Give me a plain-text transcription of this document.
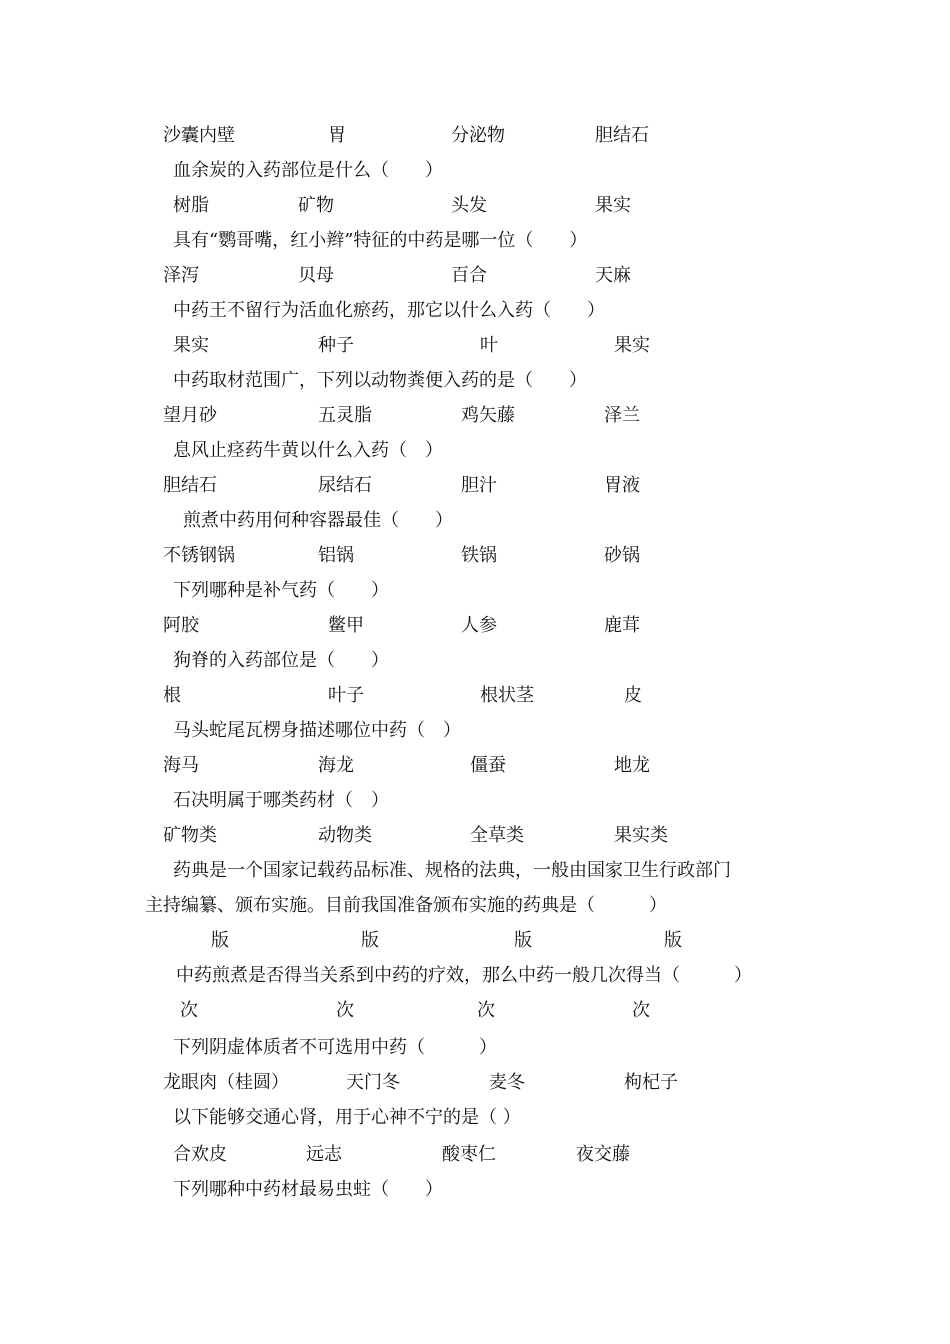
沙囊内壁	胃	分泌物	胆结石
血余炭的入药部位是什么（　　）
树脂	矿物	头发	果实
具有“鹦哥嘴，红小辫”特征的中药是哪一位（　　）
泽泻	贝母	百合	天麻
中药王不留行为活血化瘀药，那它以什么入药（　　）
果实	种子	叶	果实
中药取材范围广，下列以动物粪便入药的是（　　）
望月砂	五灵脂	鸡矢藤	泽兰
息风止痉药牛黄以什么入药（　）
胆结石	尿结石	胆汁	胃液
煎煮中药用何种容器最佳（　　）
不锈钢锅	铝锅	铁锅	砂锅
下列哪种是补气药（　　）
阿胶	鳖甲	人参	鹿茸
狗脊的入药部位是（　　）
根	叶子	根状茎	皮
马头蛇尾瓦楞身描述哪位中药（　）
海马	海龙	僵蚕	地龙
石决明属于哪类药材（　）
矿物类	动物类	全草类	果实类
药典是一个国家记载药品标准、规格的法典，一般由国家卫生行政部门
主持编纂、颁布实施。目前我国准备颁布实施的药典是（　　　）
版	版	版	版
中药煎煮是否得当关系到中药的疗效，那么中药一般几次得当（　　　）
次	次	次	次
下列阴虚体质者不可选用中药（　　　）
龙眼肉（桂圆）	天门冬	麦冬	枸杞子
以下能够交通心肾，用于心神不宁的是（ ）
合欢皮	远志	酸枣仁	夜交藤
下列哪种中药材最易虫蛀（　　）
